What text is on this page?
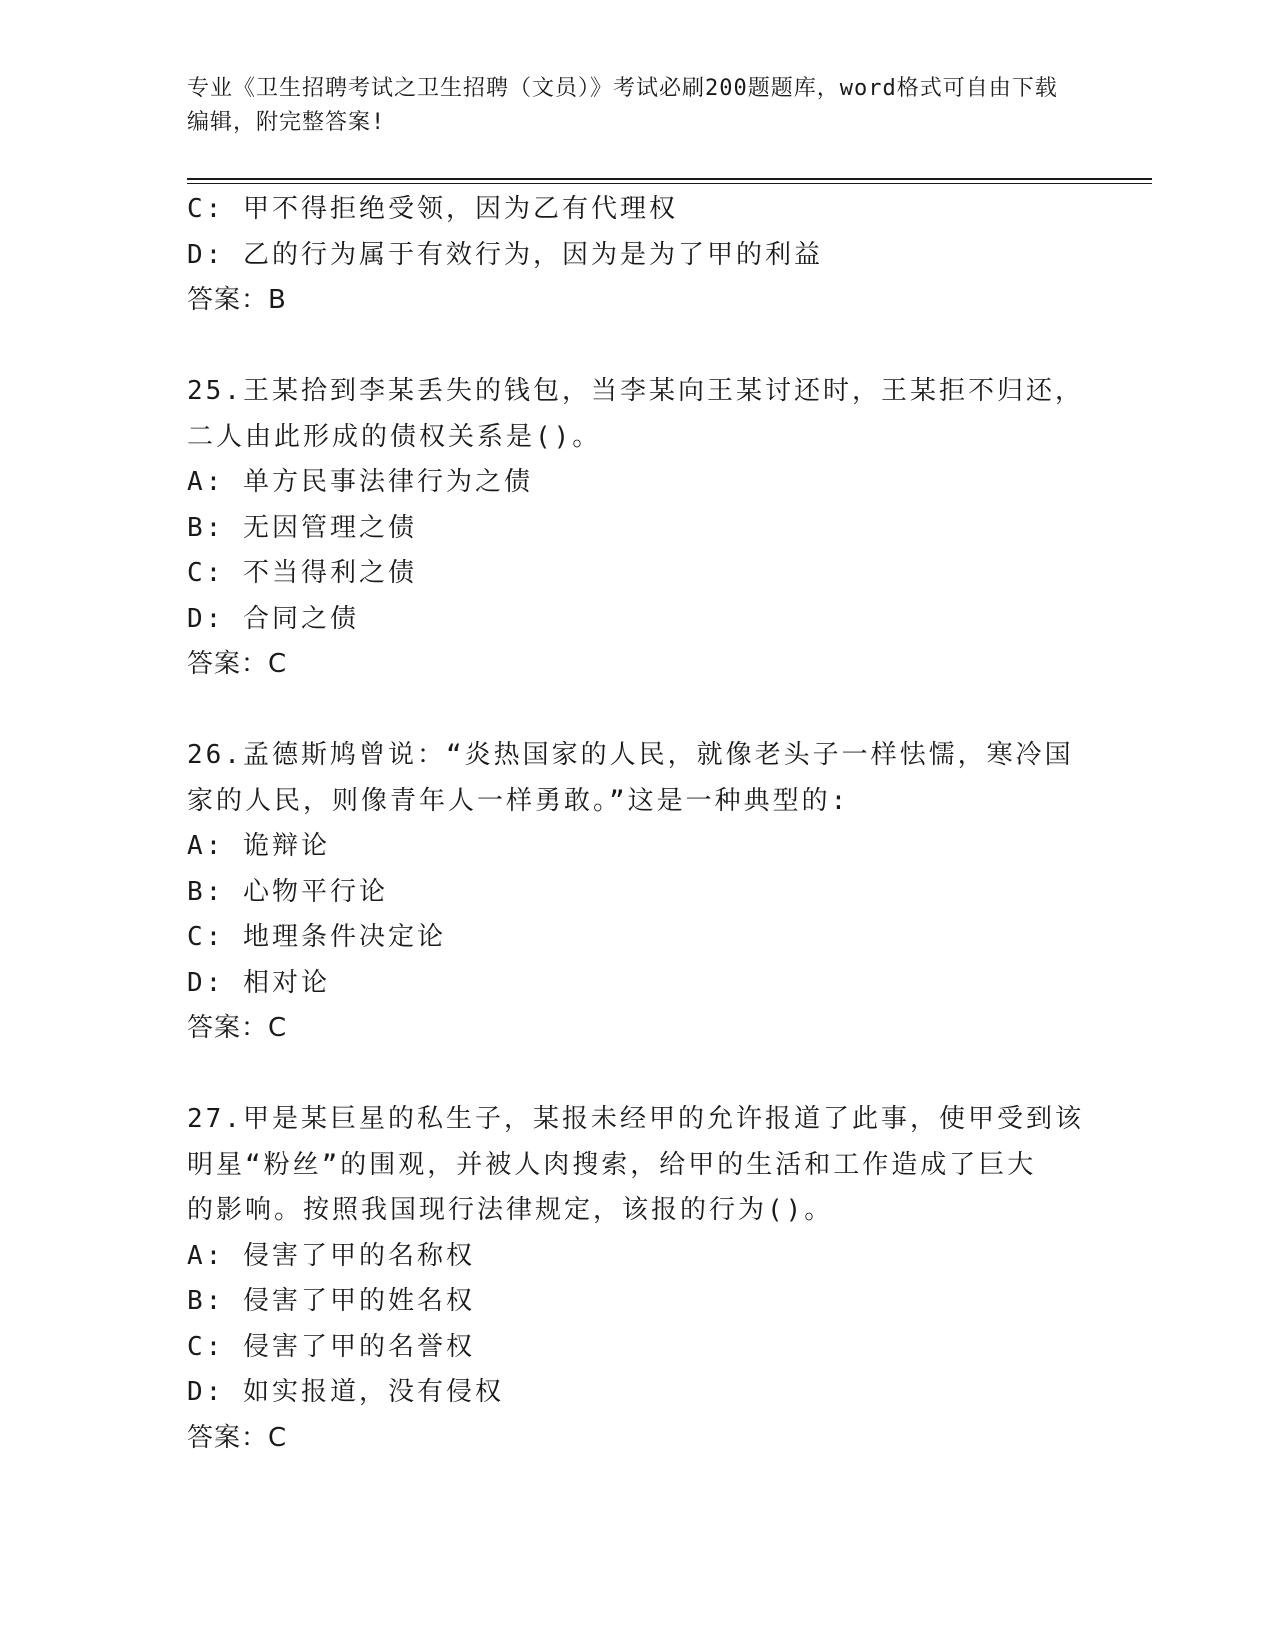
专业《卫生招聘考试之卫生招聘（文员）》考试必刷200题题库，word格式可自由下载编辑，附完整答案!
C: 甲不得拒绝受领，因为乙有代理权
D: 乙的行为属于有效行为，因为是为了甲的利益
答案：B
25.王某拾到李某丢失的钱包，当李某向王某讨还时，王某拒不归还，
二人由此形成的债权关系是()。
A: 单方民事法律行为之债
B: 无因管理之债
C: 不当得利之债
D: 合同之债
答案：C
26.孟德斯鸠曾说：“炎热国家的人民，就像老头子一样怯懦，寒冷国
家的人民，则像青年人一样勇敢。”这是一种典型的:
A: 诡辩论
B: 心物平行论
C: 地理条件决定论
D: 相对论
答案：C
27.甲是某巨星的私生子，某报未经甲的允许报道了此事，使甲受到该
明星“粉丝”的围观，并被人肉搜索，给甲的生活和工作造成了巨大
的影响。按照我国现行法律规定，该报的行为()。
A: 侵害了甲的名称权
B: 侵害了甲的姓名权
C: 侵害了甲的名誉权
D: 如实报道，没有侵权
答案：C
